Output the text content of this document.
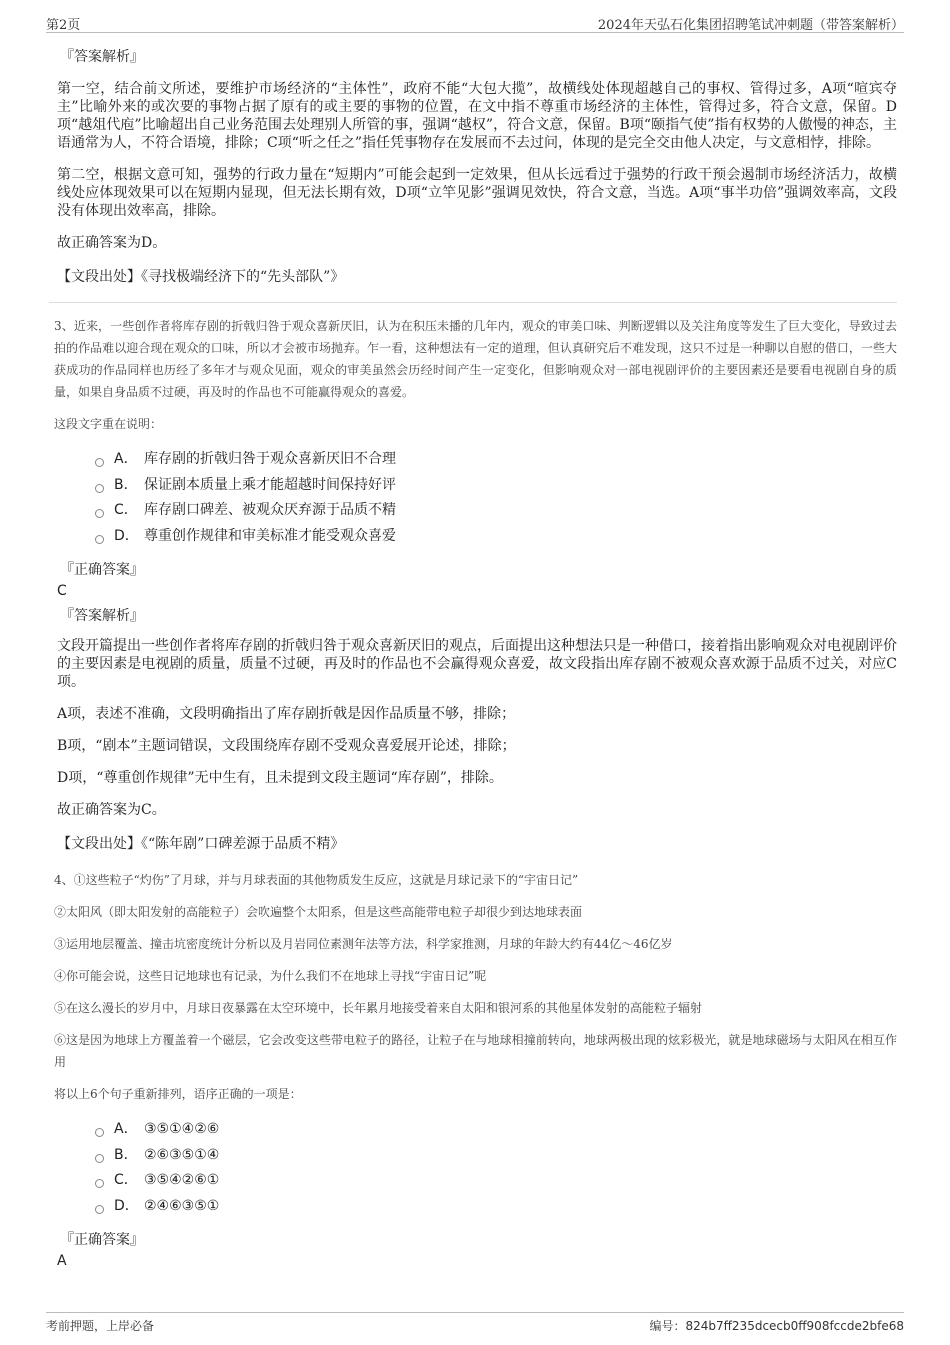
第2页	2024年天弘石化集团招聘笔试冲刺题（带答案解析）
『答案解析』

第一空，结合前文所述，要维护市场经济的“主体性”，政府不能“大包大揽”，故横线处体现超越自己的事权、管得过多，A项“喧宾夺主”比喻外来的或次要的事物占据了原有的或主要的事物的位置，在文中指不尊重市场经济的主体性，管得过多，符合文意，保留。D项“越俎代庖”比喻超出自己业务范围去处理别人所管的事，强调“越权”，符合文意，保留。B项“颐指气使”指有权势的人傲慢的神态，主语通常为人，不符合语境，排除；C项“听之任之”指任凭事物存在发展而不去过问，体现的是完全交由他人决定，与文意相悖，排除。

第二空，根据文意可知，强势的行政力量在“短期内”可能会起到一定效果，但从长远看过于强势的行政干预会遏制市场经济活力，故横线处应体现效果可以在短期内显现，但无法长期有效，D项“立竿见影”强调见效快，符合文意，当选。A项“事半功倍”强调效率高，文段没有体现出效率高，排除。

故正确答案为D。

【文段出处】《寻找极端经济下的“先头部队”》

3、近来，一些创作者将库存剧的折戟归咎于观众喜新厌旧，认为在积压未播的几年内，观众的审美口味、判断逻辑以及关注角度等发生了巨大变化，导致过去拍的作品难以迎合现在观众的口味，所以才会被市场抛弃。乍一看，这种想法有一定的道理，但认真研究后不难发现，这只不过是一种聊以自慰的借口，一些大获成功的作品同样也历经了多年才与观众见面，观众的审美虽然会历经时间产生一定变化，但影响观众对一部电视剧评价的主要因素还是要看电视剧自身的质量，如果自身品质不过硬，再及时的作品也不可能赢得观众的喜爱。

这段文字重在说明：

A． 库存剧的折戟归咎于观众喜新厌旧不合理
B． 保证剧本质量上乘才能超越时间保持好评
C． 库存剧口碑差、被观众厌弃源于品质不精
D． 尊重创作规律和审美标准才能受观众喜爱
『正确答案』
C
『答案解析』

文段开篇提出一些创作者将库存剧的折戟归咎于观众喜新厌旧的观点，后面提出这种想法只是一种借口，接着指出影响观众对电视剧评价的主要因素是电视剧的质量，质量不过硬，再及时的作品也不会赢得观众喜爱，故文段指出库存剧不被观众喜欢源于品质不过关，对应C项。

A项，表述不准确，文段明确指出了库存剧折戟是因作品质量不够，排除；

B项，“剧本”主题词错误，文段围绕库存剧不受观众喜爱展开论述，排除；

D项，“尊重创作规律”无中生有，且未提到文段主题词“库存剧”，排除。

故正确答案为C。

【文段出处】《“陈年剧”口碑差源于品质不精》

4、①这些粒子“灼伤”了月球，并与月球表面的其他物质发生反应，这就是月球记录下的“宇宙日记”

②太阳风（即太阳发射的高能粒子）会吹遍整个太阳系，但是这些高能带电粒子却很少到达地球表面

③运用地层覆盖、撞击坑密度统计分析以及月岩同位素测年法等方法，科学家推测，月球的年龄大约有44亿～46亿岁

④你可能会说，这些日记地球也有记录，为什么我们不在地球上寻找“宇宙日记”呢

⑤在这么漫长的岁月中，月球日夜暴露在太空环境中，长年累月地接受着来自太阳和银河系的其他星体发射的高能粒子辐射

⑥这是因为地球上方覆盖着一个磁层，它会改变这些带电粒子的路径，让粒子在与地球相撞前转向，地球两极出现的炫彩极光，就是地球磁场与太阳风在相互作用

将以上6个句子重新排列，语序正确的一项是：

A． ③⑤①④②⑥
B． ②⑥③⑤①④
C． ③⑤④②⑥①
D． ②④⑥③⑤①
『正确答案』
A
考前押题，上岸必备	编号：824b7ff235dcecb0ff908fccde2bfe68
